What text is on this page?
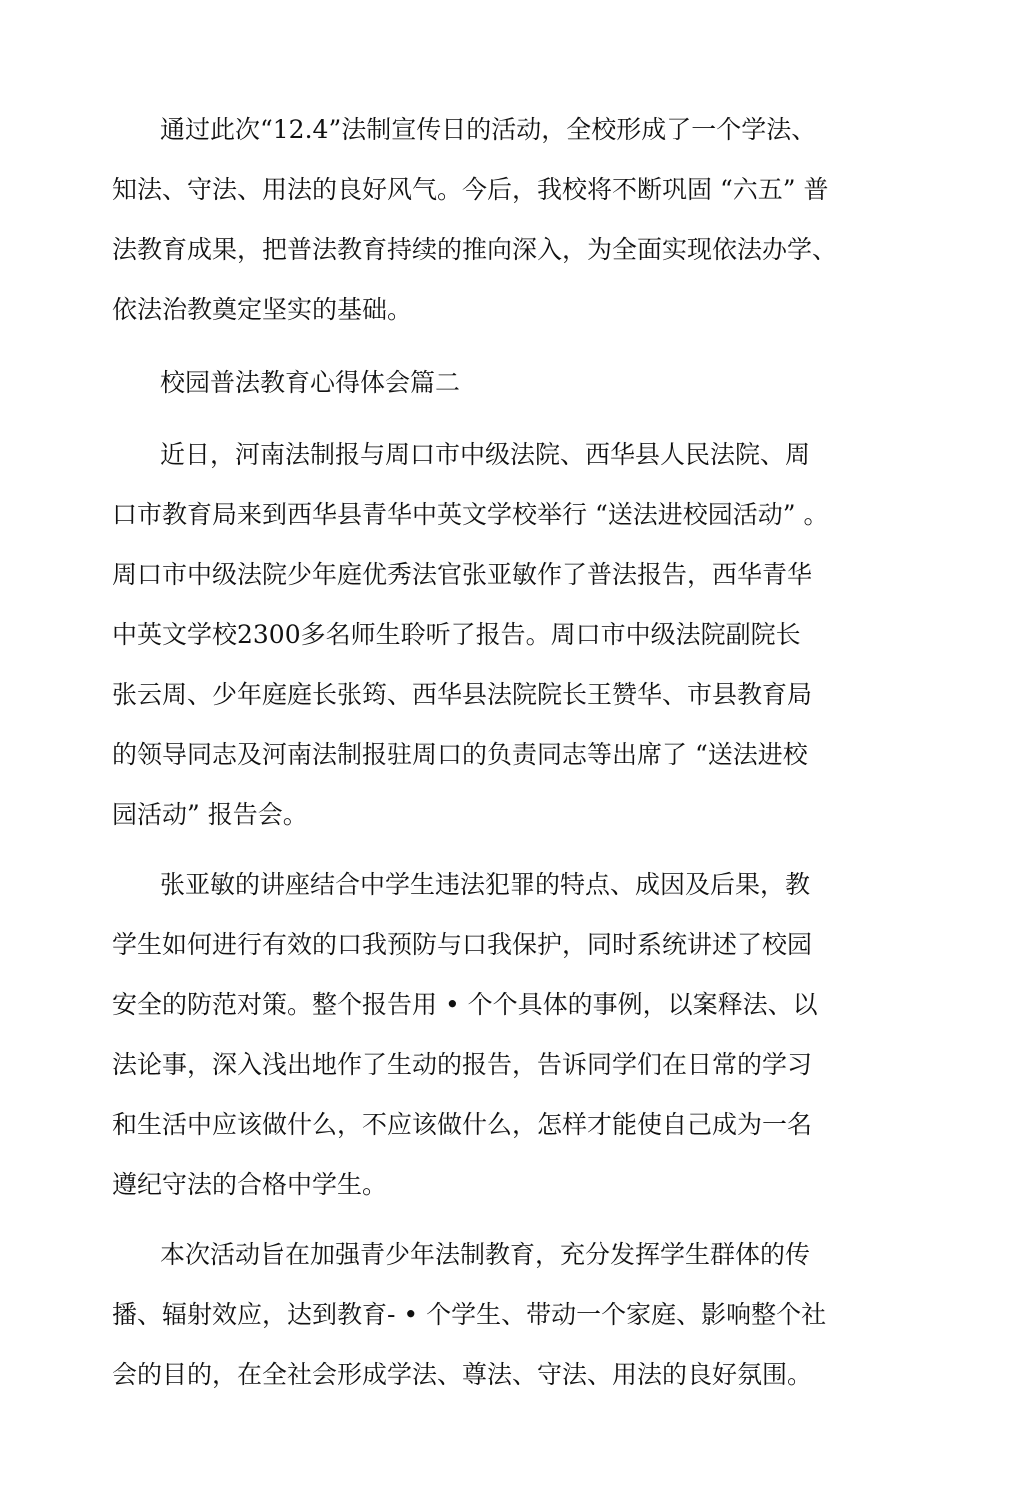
通过此次“12.4”法制宣传日的活动，全校形成了一个学法、
知法、守法、用法的良好风气。今后，我校将不断巩固 “六五” 普
法教育成果，把普法教育持续的推向深入，为全面实现依法办学、
依法治教奠定坚实的基础。
校园普法教育心得体会篇二
近日，河南法制报与周口市中级法院、西华县人民法院、周
口市教育局来到西华县青华中英文学校举行 “送法进校园活动” 。
周口市中级法院少年庭优秀法官张亚敏作了普法报告，西华青华
中英文学校2300多名师生聆听了报告。周口市中级法院副院长
张云周、少年庭庭长张筠、西华县法院院长王赞华、市县教育局
的领导同志及河南法制报驻周口的负责同志等出席了 “送法进校
园活动” 报告会。
张亚敏的讲座结合中学生违法犯罪的特点、成因及后果，教
学生如何进行有效的口我预防与口我保护，同时系统讲述了校园
安全的防范对策。整个报告用 • 个个具体的事例，以案释法、以
法论事，深入浅出地作了生动的报告，告诉同学们在日常的学习
和生活中应该做什么，不应该做什么，怎样才能使自己成为一名
遵纪守法的合格中学生。
本次活动旨在加强青少年法制教育，充分发挥学生群体的传
播、辐射效应，达到教育- • 个学生、带动一个家庭、影响整个社
会的目的，在全社会形成学法、尊法、守法、用法的良好氛围。
